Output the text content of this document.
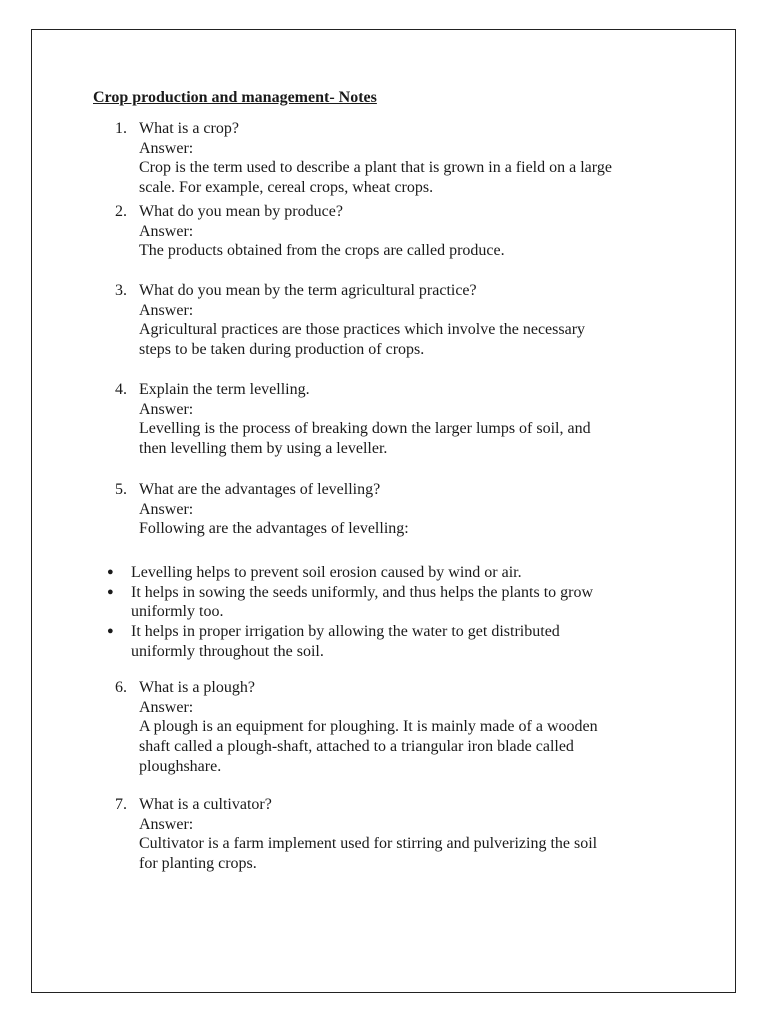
Crop production and management- Notes
1. What is a crop?
Answer:
Crop is the term used to describe a plant that is grown in a field on a large
scale. For example, cereal crops, wheat crops.
2. What do you mean by produce?
Answer:
The products obtained from the crops are called produce.
3. What do you mean by the term agricultural practice?
Answer:
Agricultural practices are those practices which involve the necessary
steps to be taken during production of crops.
4. Explain the term levelling.
Answer:
Levelling is the process of breaking down the larger lumps of soil, and
then levelling them by using a leveller.
5. What are the advantages of levelling?
Answer:
Following are the advantages of levelling:
● Levelling helps to prevent soil erosion caused by wind or air.
● It helps in sowing the seeds uniformly, and thus helps the plants to grow
uniformly too.
● It helps in proper irrigation by allowing the water to get distributed
uniformly throughout the soil.
6. What is a plough?
Answer:
A plough is an equipment for ploughing. It is mainly made of a wooden
shaft called a plough-shaft, attached to a triangular iron blade called
ploughshare.
7. What is a cultivator?
Answer:
Cultivator is a farm implement used for stirring and pulverizing the soil
for planting crops.
